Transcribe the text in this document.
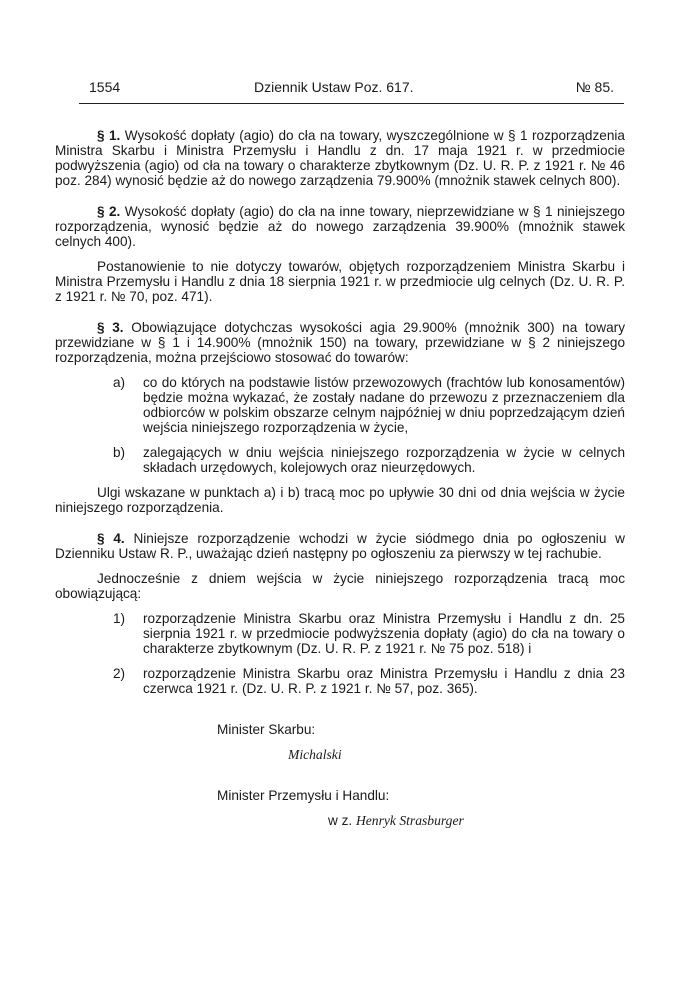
1554	Dziennik Ustaw Poz. 617.	№ 85.

§ 1. Wysokość dopłaty (agio) do cła na towary, wyszczególnione w § 1 rozporządzenia Ministra Skarbu i Ministra Przemysłu i Handlu z dn. 17 maja 1921 r. w przedmiocie podwyższenia (agio) od cła na towary o charakterze zbytkownym (Dz. U. R. P. z 1921 r. № 46 poz. 284) wynosić będzie aż do nowego zarządzenia 79.900% (mnożnik stawek celnych 800).

§ 2. Wysokość dopłaty (agio) do cła na inne towary, nieprzewidziane w § 1 niniejszego rozporządzenia, wynosić będzie aż do nowego zarządzenia 39.900% (mnożnik stawek celnych 400).

Postanowienie to nie dotyczy towarów, objętych rozporządzeniem Ministra Skarbu i Ministra Przemysłu i Handlu z dnia 18 sierpnia 1921 r. w przedmiocie ulg celnych (Dz. U. R. P. z 1921 r. № 70, poz. 471).

§ 3. Obowiązujące dotychczas wysokości agia 29.900% (mnożnik 300) na towary przewidziane w § 1 i 14.900% (mnożnik 150) na towary, przewidziane w § 2 niniejszego rozporządzenia, można przejściowo stosować do towarów:

a)	co do których na podstawie listów przewozowych (frachtów lub konosamentów) będzie można wykazać, że zostały nadane do przewozu z przeznaczeniem dla odbiorców w polskim obszarze celnym najpóźniej w dniu poprzedzającym dzień wejścia niniejszego rozporządzenia w życie,
b)	zalegających w dniu wejścia niniejszego rozporządzenia w życie w celnych składach urzędowych, kolejowych oraz nieurzędowych.

Ulgi wskazane w punktach a) i b) tracą moc po upływie 30 dni od dnia wejścia w życie niniejszego rozporządzenia.

§ 4. Niniejsze rozporządzenie wchodzi w życie siódmego dnia po ogłoszeniu w Dzienniku Ustaw R. P., uważając dzień następny po ogłoszeniu za pierwszy w tej rachubie.

Jednocześnie z dniem wejścia w życie niniejszego rozporządzenia tracą moc obowiązującą:

1)	rozporządzenie Ministra Skarbu oraz Ministra Przemysłu i Handlu z dn. 25 sierpnia 1921 r. w przedmiocie podwyższenia dopłaty (agio) do cła na towary o charakterze zbytkownym (Dz. U. R. P. z 1921 r. № 75 poz. 518) i
2)	rozporządzenie Ministra Skarbu oraz Ministra Przemysłu i Handlu z dnia 23 czerwca 1921 r. (Dz. U. R. P. z 1921 r. № 57, poz. 365).
Minister Skarbu:
Michalski
Minister Przemysłu i Handlu:
w z. Henryk Strasburger
